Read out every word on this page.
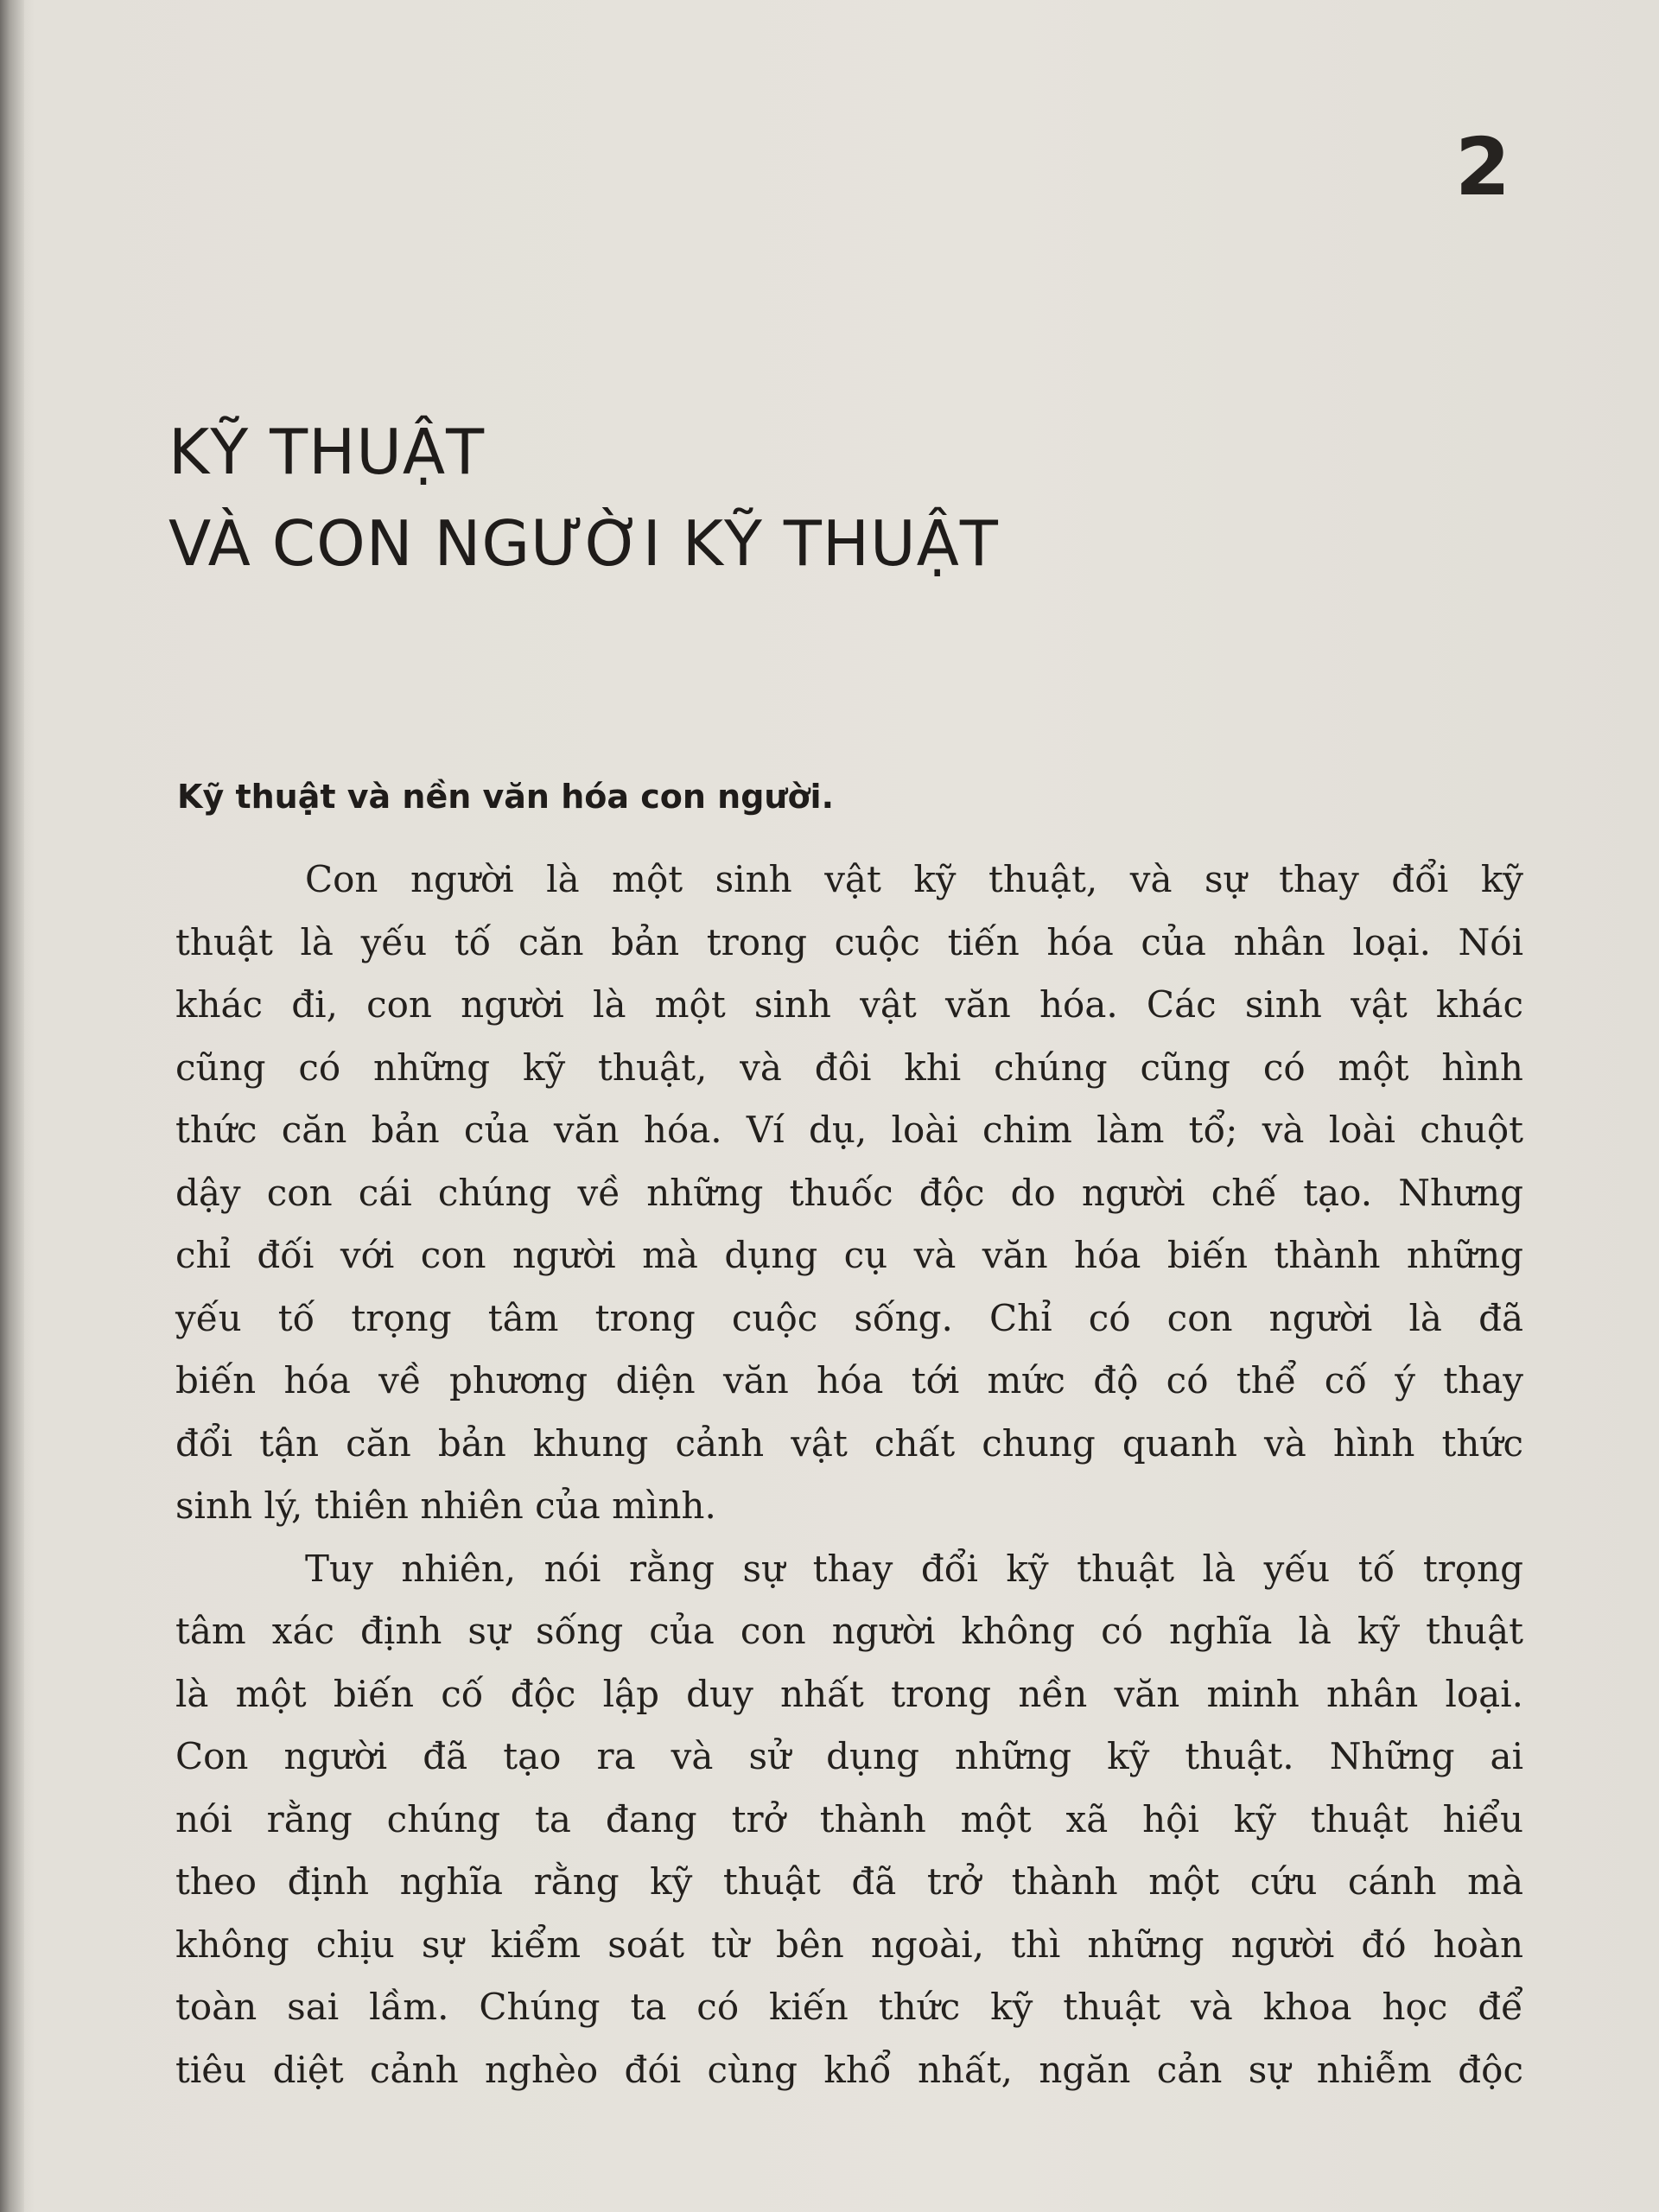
2
KỸ THUẬT
VÀ CON NGƯỜI KỸ THUẬT
Kỹ thuật và nền văn hóa con người.
Con người là một sinh vật kỹ thuật, và sự thay đổi kỹ
thuật là yếu tố căn bản trong cuộc tiến hóa của nhân loại. Nói
khác đi, con người là một sinh vật văn hóa. Các sinh vật khác
cũng có những kỹ thuật, và đôi khi chúng cũng có một hình
thức căn bản của văn hóa. Ví dụ, loài chim làm tổ; và loài chuột
dậy con cái chúng về những thuốc độc do người chế tạo. Nhưng
chỉ đối với con người mà dụng cụ và văn hóa biến thành những
yếu tố trọng tâm trong cuộc sống. Chỉ có con người là đã
biến hóa về phương diện văn hóa tới mức độ có thể cố ý thay
đổi tận căn bản khung cảnh vật chất chung quanh và hình thức
sinh lý, thiên nhiên của mình.
Tuy nhiên, nói rằng sự thay đổi kỹ thuật là yếu tố trọng
tâm xác định sự sống của con người không có nghĩa là kỹ thuật
là một biến cố độc lập duy nhất trong nền văn minh nhân loại.
Con người đã tạo ra và sử dụng những kỹ thuật. Những ai
nói rằng chúng ta đang trở thành một xã hội kỹ thuật hiểu
theo định nghĩa rằng kỹ thuật đã trở thành một cứu cánh mà
không chịu sự kiểm soát từ bên ngoài, thì những người đó hoàn
toàn sai lầm. Chúng ta có kiến thức kỹ thuật và khoa học để
tiêu diệt cảnh nghèo đói cùng khổ nhất, ngăn cản sự nhiễm độc
